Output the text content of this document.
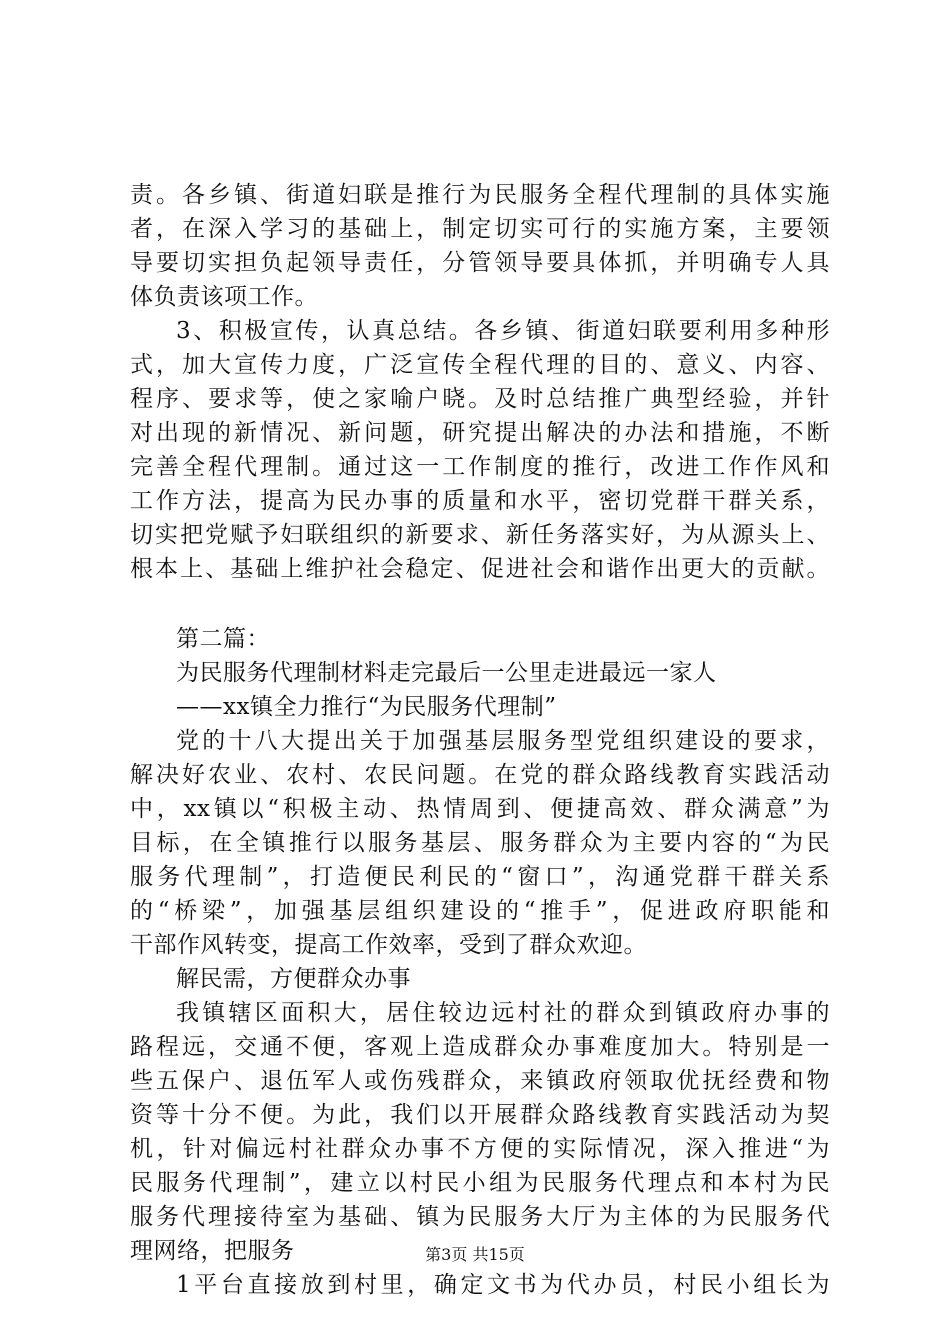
责。各乡镇、街道妇联是推行为民服务全程代理制的具体实施
者，在深入学习的基础上，制定切实可行的实施方案，主要领
导要切实担负起领导责任，分管领导要具体抓，并明确专人具
体负责该项工作。
3、积极宣传，认真总结。各乡镇、街道妇联要利用多种形
式，加大宣传力度，广泛宣传全程代理的目的、意义、内容、
程序、要求等，使之家喻户晓。及时总结推广典型经验，并针
对出现的新情况、新问题，研究提出解决的办法和措施，不断
完善全程代理制。通过这一工作制度的推行，改进工作作风和
工作方法，提高为民办事的质量和水平，密切党群干群关系，
切实把党赋予妇联组织的新要求、新任务落实好，为从源头上、
根本上、基础上维护社会稳定、促进社会和谐作出更大的贡献。
第二篇：
为民服务代理制材料走完最后一公里走进最远一家人
——xx镇全力推行“为民服务代理制”
党的十八大提出关于加强基层服务型党组织建设的要求，
解决好农业、农村、农民问题。在党的群众路线教育实践活动
中，xx镇以“积极主动、热情周到、便捷高效、群众满意”为
目标，在全镇推行以服务基层、服务群众为主要内容的“为民
服务代理制”，打造便民利民的“窗口”，沟通党群干群关系
的“桥梁”，加强基层组织建设的“推手”，促进政府职能和
干部作风转变，提高工作效率，受到了群众欢迎。
解民需，方便群众办事
我镇辖区面积大，居住较边远村社的群众到镇政府办事的
路程远，交通不便，客观上造成群众办事难度加大。特别是一
些五保户、退伍军人或伤残群众，来镇政府领取优抚经费和物
资等十分不便。为此，我们以开展群众路线教育实践活动为契
机，针对偏远村社群众办事不方便的实际情况，深入推进“为
民服务代理制”，建立以村民小组为民服务代理点和本村为民
服务代理接待室为基础、镇为民服务大厅为主体的为民服务代
理网络，把服务
1平台直接放到村里，确定文书为代办员，村民小组长为
第3页 共15页
